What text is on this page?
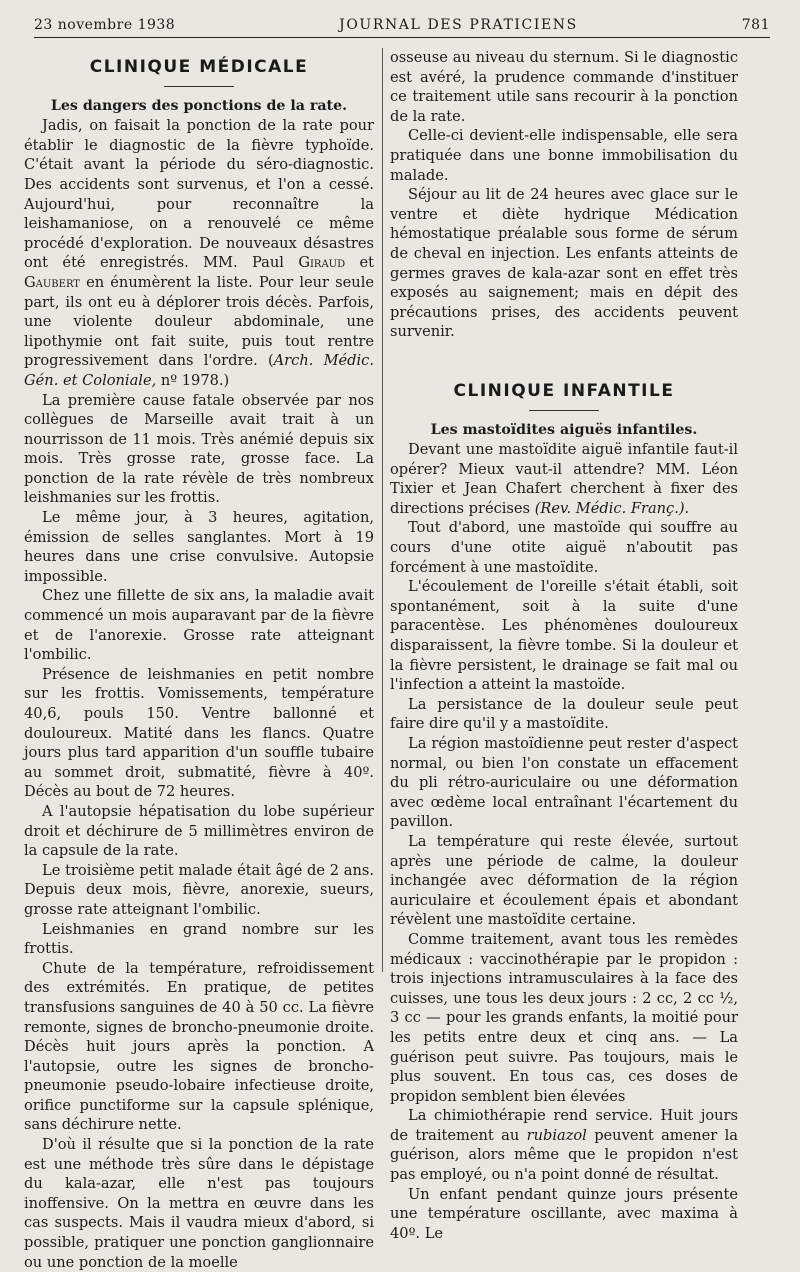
23 novembre 1938	JOURNAL DES PRATICIENS	781

CLINIQUE MÉDICALE

Les dangers des ponctions de la rate.

Jadis, on faisait la ponction de la rate pour établir le diagnostic de la fièvre typhoïde. C'était avant la période du séro-diagnostic. Des accidents sont survenus, et l'on a cessé. Aujourd'hui, pour reconnaître la leishamaniose, on a renouvelé ce même procédé d'exploration. De nouveaux désastres ont été enregistrés. MM. Paul Giraud et Gaubert en énumèrent la liste. Pour leur seule part, ils ont eu à déplorer trois décès. Parfois, une violente douleur abdominale, une lipothymie ont fait suite, puis tout rentre progressivement dans l'ordre. (Arch. Médic. Gén. et Coloniale, nº 1978.)

La première cause fatale observée par nos collègues de Marseille avait trait à un nourrisson de 11 mois. Très anémié depuis six mois. Très grosse rate, grosse face. La ponction de la rate révèle de très nombreux leishmanies sur les frottis.

Le même jour, à 3 heures, agitation, émission de selles sanglantes. Mort à 19 heures dans une crise convulsive. Autopsie impossible.

Chez une fillette de six ans, la maladie avait commencé un mois auparavant par de la fièvre et de l'anorexie. Grosse rate atteignant l'ombilic.

Présence de leishmanies en petit nombre sur les frottis. Vomissements, température 40,6, pouls 150. Ventre ballonné et douloureux. Matité dans les flancs. Quatre jours plus tard apparition d'un souffle tubaire au sommet droit, submatité, fièvre à 40º. Décès au bout de 72 heures.

A l'autopsie hépatisation du lobe supérieur droit et déchirure de 5 millimètres environ de la capsule de la rate.

Le troisième petit malade était âgé de 2 ans. Depuis deux mois, fièvre, anorexie, sueurs, grosse rate atteignant l'ombilic.

Leishmanies en grand nombre sur les frottis.

Chute de la température, refroidissement des extrémités. En pratique, de petites transfusions sanguines de 40 à 50 cc. La fièvre remonte, signes de broncho-pneumonie droite. Décès huit jours après la ponction. A l'autopsie, outre les signes de broncho-pneumonie pseudo-lobaire infectieuse droite, orifice punctiforme sur la capsule splénique, sans déchirure nette.

D'où il résulte que si la ponction de la rate est une méthode très sûre dans le dépistage du kala-azar, elle n'est pas toujours inoffensive. On la mettra en œuvre dans les cas suspects. Mais il vaudra mieux d'abord, si possible, pratiquer une ponction ganglionnaire ou une ponction de la moelle

osseuse au niveau du sternum. Si le diagnostic est avéré, la prudence commande d'instituer ce traitement utile sans recourir à la ponction de la rate.

Celle-ci devient-elle indispensable, elle sera pratiquée dans une bonne immobilisation du malade.

Séjour au lit de 24 heures avec glace sur le ventre et diète hydrique Médication hémostatique préalable sous forme de sérum de cheval en injection. Les enfants atteints de germes graves de kala-azar sont en effet très exposés au saignement; mais en dépit des précautions prises, des accidents peuvent survenir.

CLINIQUE INFANTILE

Les mastoïdites aiguës infantiles.

Devant une mastoïdite aiguë infantile faut-il opérer? Mieux vaut-il attendre? MM. Léon Tixier et Jean Chafert cherchent à fixer des directions précises (Rev. Médic. Franç.).

Tout d'abord, une mastoïde qui souffre au cours d'une otite aiguë n'aboutit pas forcément à une mastoïdite.

L'écoulement de l'oreille s'était établi, soit spontanément, soit à la suite d'une paracentèse. Les phénomènes douloureux disparaissent, la fièvre tombe. Si la douleur et la fièvre persistent, le drainage se fait mal ou l'infection a atteint la mastoïde.

La persistance de la douleur seule peut faire dire qu'il y a mastoïdite.

La région mastoïdienne peut rester d'aspect normal, ou bien l'on constate un effacement du pli rétro-auriculaire ou une déformation avec œdème local entraînant l'écartement du pavillon.

La température qui reste élevée, surtout après une période de calme, la douleur inchangée avec déformation de la région auriculaire et écoulement épais et abondant révèlent une mastoïdite certaine.

Comme traitement, avant tous les remèdes médicaux : vaccinothérapie par le propidon : trois injections intramusculaires à la face des cuisses, une tous les deux jours : 2 cc, 2 cc ½, 3 cc — pour les grands enfants, la moitié pour les petits entre deux et cinq ans. — La guérison peut suivre. Pas toujours, mais le plus souvent. En tous cas, ces doses de propidon semblent bien élevées

La chimiothérapie rend service. Huit jours de traitement au rubiazol peuvent amener la guérison, alors même que le propidon n'est pas employé, ou n'a point donné de résultat.

Un enfant pendant quinze jours présente une température oscillante, avec maxima à 40º. Le
